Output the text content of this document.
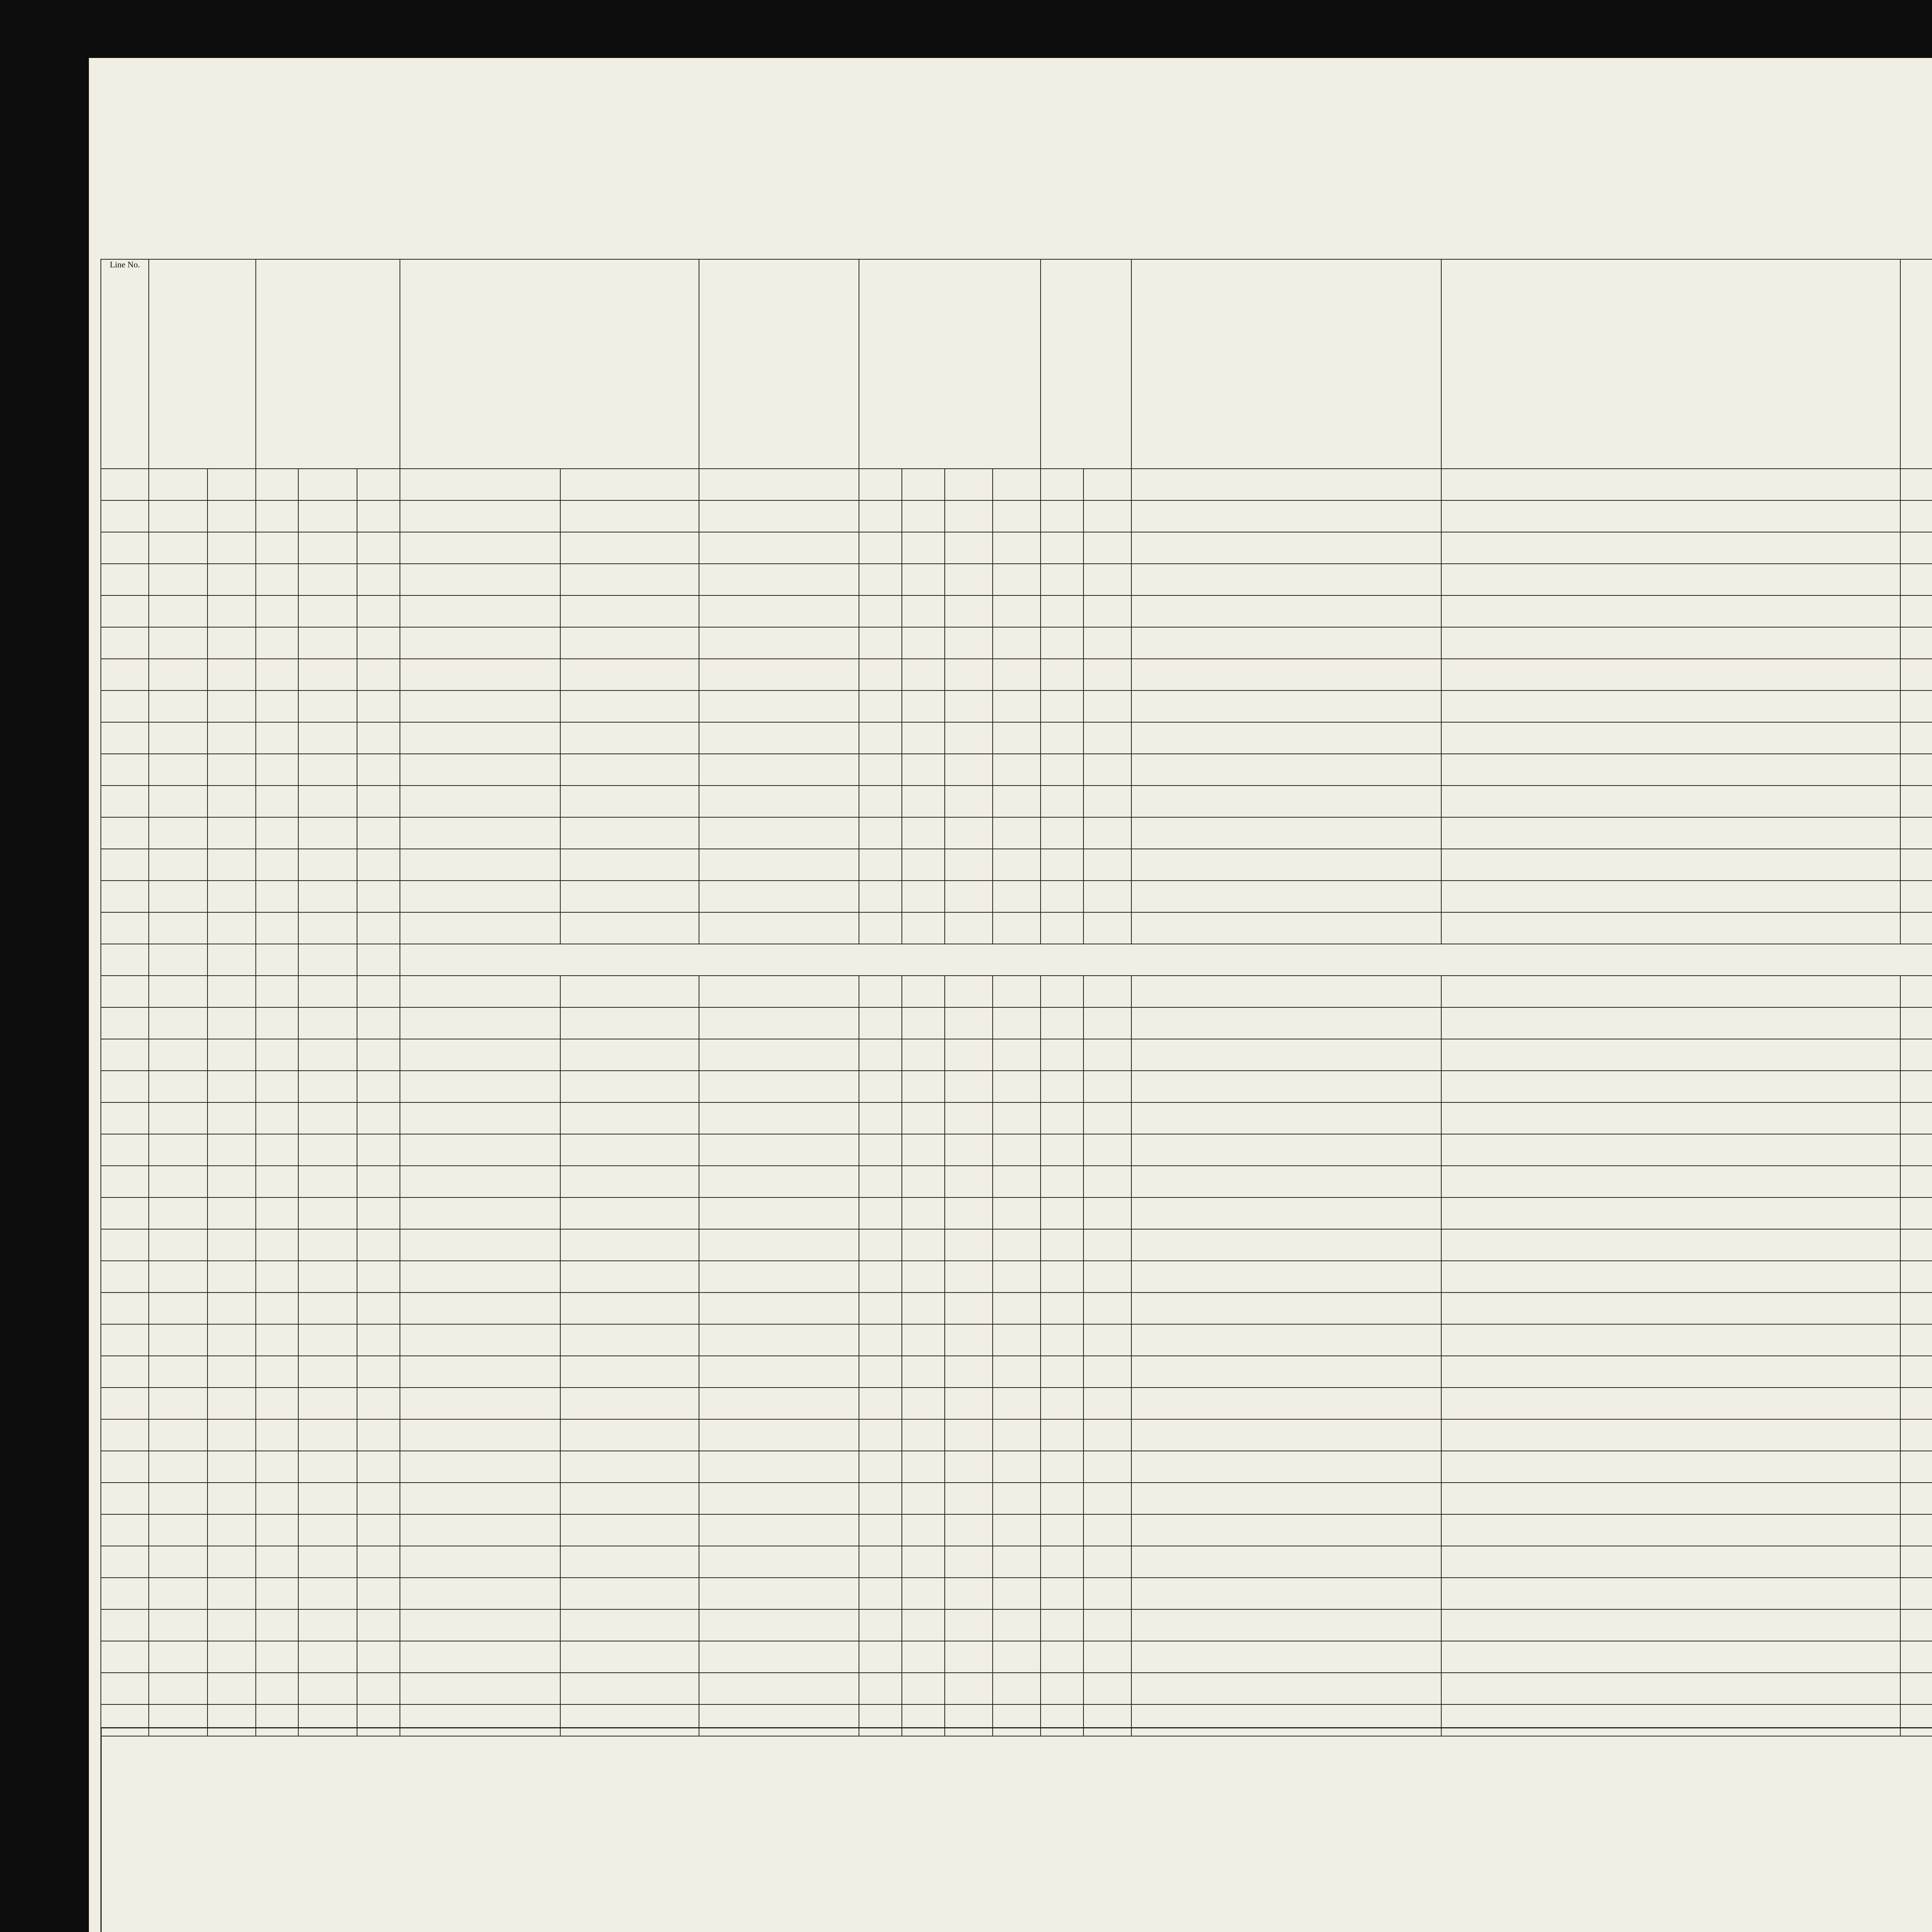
Line No.									
